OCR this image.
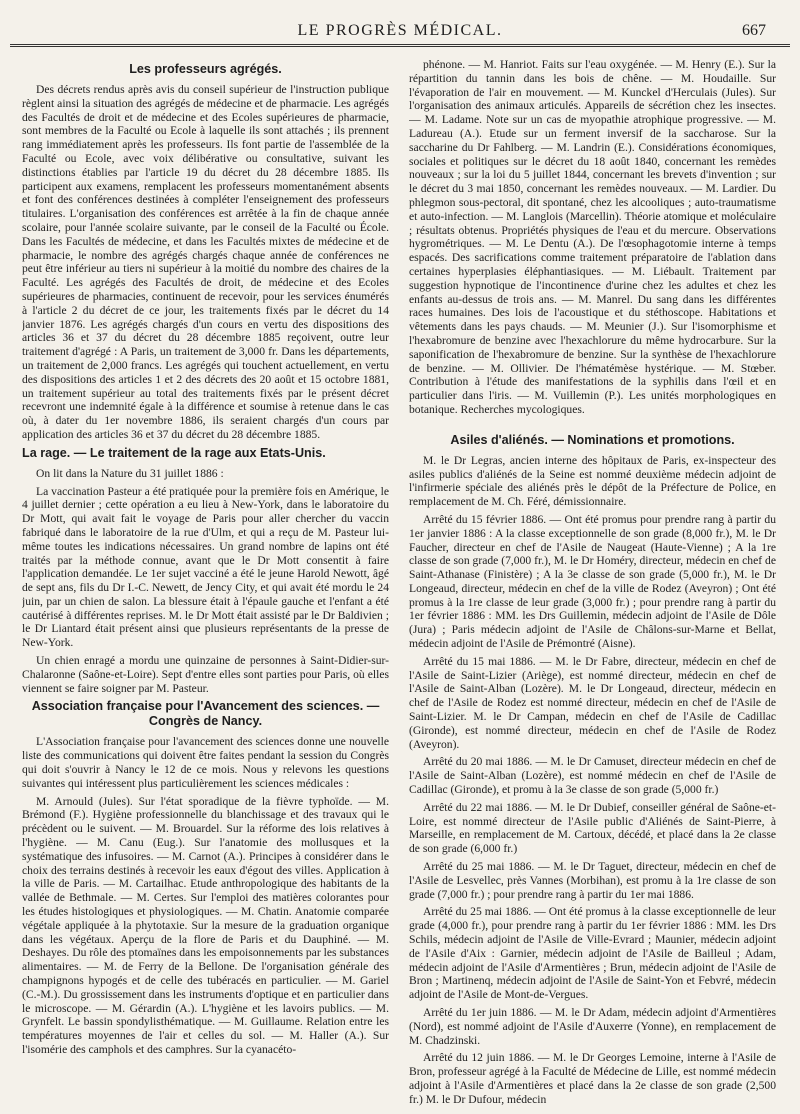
LE PROGRÈS MÉDICAL.	667
Les professeurs agrégés.

Des décrets rendus après avis du conseil supérieur de l'instruction publique règlent ainsi la situation des agrégés de médecine et de pharmacie. Les agrégés des Facultés de droit et de médecine et des Ecoles supérieures de pharmacie, sont membres de la Faculté ou Ecole à laquelle ils sont attachés ; ils prennent rang immédiatement après les professeurs. Ils font partie de l'assemblée de la Faculté ou Ecole, avec voix délibérative ou consultative, suivant les distinctions établies par l'article 19 du décret du 28 décembre 1885. Ils participent aux examens, remplacent les professeurs momentanément absents et font des conférences destinées à compléter l'enseignement des professeurs titulaires. L'organisation des conférences est arrêtée à la fin de chaque année scolaire, pour l'année scolaire suivante, par le conseil de la Faculté ou École. Dans les Facultés de médecine, et dans les Facultés mixtes de médecine et de pharmacie, le nombre des agrégés chargés chaque année de conférences ne peut être inférieur au tiers ni supérieur à la moitié du nombre des chaires de la Faculté. Les agrégés des Facultés de droit, de médecine et des Ecoles supérieures de pharmacies, continuent de recevoir, pour les services énumérés à l'article 2 du décret de ce jour, les traitements fixés par le décret du 14 janvier 1876. Les agrégés chargés d'un cours en vertu des dispositions des articles 36 et 37 du décret du 28 décembre 1885 reçoivent, outre leur traitement d'agrégé : A Paris, un traitement de 3,000 fr. Dans les départements, un traitement de 2,000 francs. Les agrégés qui touchent actuellement, en vertu des dispositions des articles 1 et 2 des décrets des 20 août et 15 octobre 1881, un traitement supérieur au total des traitements fixés par le présent décret recevront une indemnité égale à la différence et soumise à retenue dans le cas où, à dater du 1er novembre 1886, ils seraient chargés d'un cours par application des articles 36 et 37 du décret du 28 décembre 1885.

La rage. — Le traitement de la rage aux Etats-Unis.

On lit dans la Nature du 31 juillet 1886 :

La vaccination Pasteur a été pratiquée pour la première fois en Amérique, le 4 juillet dernier ; cette opération a eu lieu à New-York, dans le laboratoire du Dr Mott, qui avait fait le voyage de Paris pour aller chercher du vaccin fabriqué dans le laboratoire de la rue d'Ulm, et qui a reçu de M. Pasteur lui-même toutes les indications nécessaires. Un grand nombre de lapins ont été traités par la méthode connue, avant que le Dr Mott consentit à faire l'application demandée. Le 1er sujet vacciné a été le jeune Harold Newott, âgé de sept ans, fils du Dr I.-C. Newett, de Jency City, et qui avait été mordu le 24 juin, par un chien de salon. La blessure était à l'épaule gauche et l'enfant a été cautérisé à différentes reprises. M. le Dr Mott était assisté par le Dr Baldivien ; le Dr Liantard était présent ainsi que plusieurs représentants de la presse de New-York.

Un chien enragé a mordu une quinzaine de personnes à Saint-Didier-sur-Chalaronne (Saône-et-Loire). Sept d'entre elles sont parties pour Paris, où elles viennent se faire soigner par M. Pasteur.

Association française pour l'Avancement des sciences. — Congrès de Nancy.

L'Association française pour l'avancement des sciences donne une nouvelle liste des communications qui doivent être faites pendant la session du Congrès qui doit s'ouvrir à Nancy le 12 de ce mois. Nous y relevons les questions suivantes qui intéressent plus particulièrement les sciences médicales :

M. Arnould (Jules). Sur l'état sporadique de la fièvre typhoïde. — M. Brémond (F.). Hygiène professionnelle du blanchissage et des travaux qui le précèdent ou le suivent. — M. Brouardel. Sur la réforme des lois relatives à l'hygiène. — M. Canu (Eug.). Sur l'anatomie des mollusques et la systématique des infusoires. — M. Carnot (A.). Principes à considérer dans le choix des terrains destinés à recevoir les eaux d'égout des villes. Application à la ville de Paris. — M. Cartailhac. Etude anthropologique des habitants de la vallée de Bethmale. — M. Certes. Sur l'emploi des matières colorantes pour les études histologiques et physiologiques. — M. Chatin. Anatomie comparée végétale appliquée à la phytotaxie. Sur la mesure de la graduation organique dans les végétaux. Aperçu de la flore de Paris et du Dauphiné. — M. Deshayes. Du rôle des ptomaïnes dans les empoisonnements par les substances alimentaires. — M. de Ferry de la Bellone. De l'organisation générale des champignons hypogés et de celle des tubéracés en particulier. — M. Gariel (C.-M.). Du grossissement dans les instruments d'optique et en particulier dans le microscope. — M. Gérardin (A.). L'hygiène et les lavoirs publics. — M. Grynfelt. Le bassin spondylisthématique. — M. Guillaume. Relation entre les températures moyennes de l'air et celles du sol. — M. Haller (A.). Sur l'isomérie des camphols et des camphres. Sur la cyanacéto-

phénone. — M. Hanriot. Faits sur l'eau oxygénée. — M. Henry (E.). Sur la répartition du tannin dans les bois de chêne. — M. Houdaille. Sur l'évaporation de l'air en mouvement. — M. Kunckel d'Herculais (Jules). Sur l'organisation des animaux articulés. Appareils de sécrétion chez les insectes. — M. Ladame. Note sur un cas de myopathie atrophique progressive. — M. Ladureau (A.). Etude sur un ferment inversif de la saccharose. Sur la saccharine du Dr Fahlberg. — M. Landrin (E.). Considérations économiques, sociales et politiques sur le décret du 18 août 1840, concernant les remèdes nouveaux ; sur la loi du 5 juillet 1844, concernant les brevets d'invention ; sur le décret du 3 mai 1850, concernant les remèdes nouveaux. — M. Lardier. Du phlegmon sous-pectoral, dit spontané, chez les alcooliques ; auto-traumatisme et auto-infection. — M. Langlois (Marcellin). Théorie atomique et moléculaire ; résultats obtenus. Propriétés physiques de l'eau et du mercure. Observations hygrométriques. — M. Le Dentu (A.). De l'œsophagotomie interne à temps espacés. Des sacrifications comme traitement préparatoire de l'ablation dans certaines hyperplasies éléphantiasiques. — M. Liébault. Traitement par suggestion hypnotique de l'incontinence d'urine chez les adultes et chez les enfants au-dessus de trois ans. — M. Manrel. Du sang dans les différentes races humaines. Des lois de l'acoustique et du stéthoscope. Habitations et vêtements dans les pays chauds. — M. Meunier (J.). Sur l'isomorphisme et l'hexabromure de benzine avec l'hexachlorure du même hydrocarbure. Sur la saponification de l'hexabromure de benzine. Sur la synthèse de l'hexachlorure de benzine. — M. Ollivier. De l'hématémèse hystérique. — M. Stœber. Contribution à l'étude des manifestations de la syphilis dans l'œil et en particulier dans l'iris. — M. Vuillemin (P.). Les unités morphologiques en botanique. Recherches mycologiques.

Asiles d'aliénés. — Nominations et promotions.

M. le Dr Legras, ancien interne des hôpitaux de Paris, ex-inspecteur des asiles publics d'aliénés de la Seine est nommé deuxième médecin adjoint de l'infirmerie spéciale des aliénés près le dépôt de la Préfecture de Police, en remplacement de M. Ch. Féré, démissionnaire.

Arrêté du 15 février 1886. — Ont été promus pour prendre rang à partir du 1er janvier 1886 : A la classe exceptionnelle de son grade (8,000 fr.), M. le Dr Faucher, directeur en chef de l'Asile de Naugeat (Haute-Vienne) ; A la 1re classe de son grade (7,000 fr.), M. le Dr Homéry, directeur, médecin en chef de Saint-Athanase (Finistère) ; A la 3e classe de son grade (5,000 fr.), M. le Dr Longeaud, directeur, médecin en chef de la ville de Rodez (Aveyron) ; Ont été promus à la 1re classe de leur grade (3,000 fr.) ; pour prendre rang à partir du 1er février 1886 : MM. les Drs Guillemin, médecin adjoint de l'Asile de Dôle (Jura) ; Paris médecin adjoint de l'Asile de Châlons-sur-Marne et Bellat, médecin adjoint de l'Asile de Prémontré (Aisne).

Arrêté du 15 mai 1886. — M. le Dr Fabre, directeur, médecin en chef de l'Asile de Saint-Lizier (Ariège), est nommé directeur, médecin en chef de l'Asile de Saint-Alban (Lozère). M. le Dr Longeaud, directeur, médecin en chef de l'Asile de Rodez est nommé directeur, médecin en chef de l'Asile de Saint-Lizier. M. le Dr Campan, médecin en chef de l'Asile de Cadillac (Gironde), est nommé directeur, médecin en chef de l'Asile de Rodez (Aveyron).

Arrêté du 20 mai 1886. — M. le Dr Camuset, directeur médecin en chef de l'Asile de Saint-Alban (Lozère), est nommé médecin en chef de l'Asile de Cadillac (Gironde), et promu à la 3e classe de son grade (5,000 fr.)

Arrêté du 22 mai 1886. — M. le Dr Dubief, conseiller général de Saône-et-Loire, est nommé directeur de l'Asile public d'Aliénés de Saint-Pierre, à Marseille, en remplacement de M. Cartoux, décédé, et placé dans la 2e classe de son grade (6,000 fr.)

Arrêté du 25 mai 1886. — M. le Dr Taguet, directeur, médecin en chef de l'Asile de Lesvellec, près Vannes (Morbihan), est promu à la 1re classe de son grade (7,000 fr.) ; pour prendre rang à partir du 1er mai 1886.

Arrêté du 25 mai 1886. — Ont été promus à la classe exceptionnelle de leur grade (4,000 fr.), pour prendre rang à partir du 1er février 1886 : MM. les Drs Schils, médecin adjoint de l'Asile de Ville-Evrard ; Maunier, médecin adjoint de l'Asile d'Aix : Garnier, médecin adjoint de l'Asile de Bailleul ; Adam, médecin adjoint de l'Asile d'Armentières ; Brun, médecin adjoint de l'Asile de Bron ; Martinenq, médecin adjoint de l'Asile de Saint-Yon et Febvré, médecin adjoint de l'Asile de Mont-de-Vergues.

Arrêté du 1er juin 1886. — M. le Dr Adam, médecin adjoint d'Armentières (Nord), est nommé adjoint de l'Asile d'Auxerre (Yonne), en remplacement de M. Chadzinski.

Arrêté du 12 juin 1886. — M. le Dr Georges Lemoine, interne à l'Asile de Bron, professeur agrégé à la Faculté de Médecine de Lille, est nommé médecin adjoint à l'Asile d'Armentières et placé dans la 2e classe de son grade (2,500 fr.) M. le Dr Dufour, médecin
